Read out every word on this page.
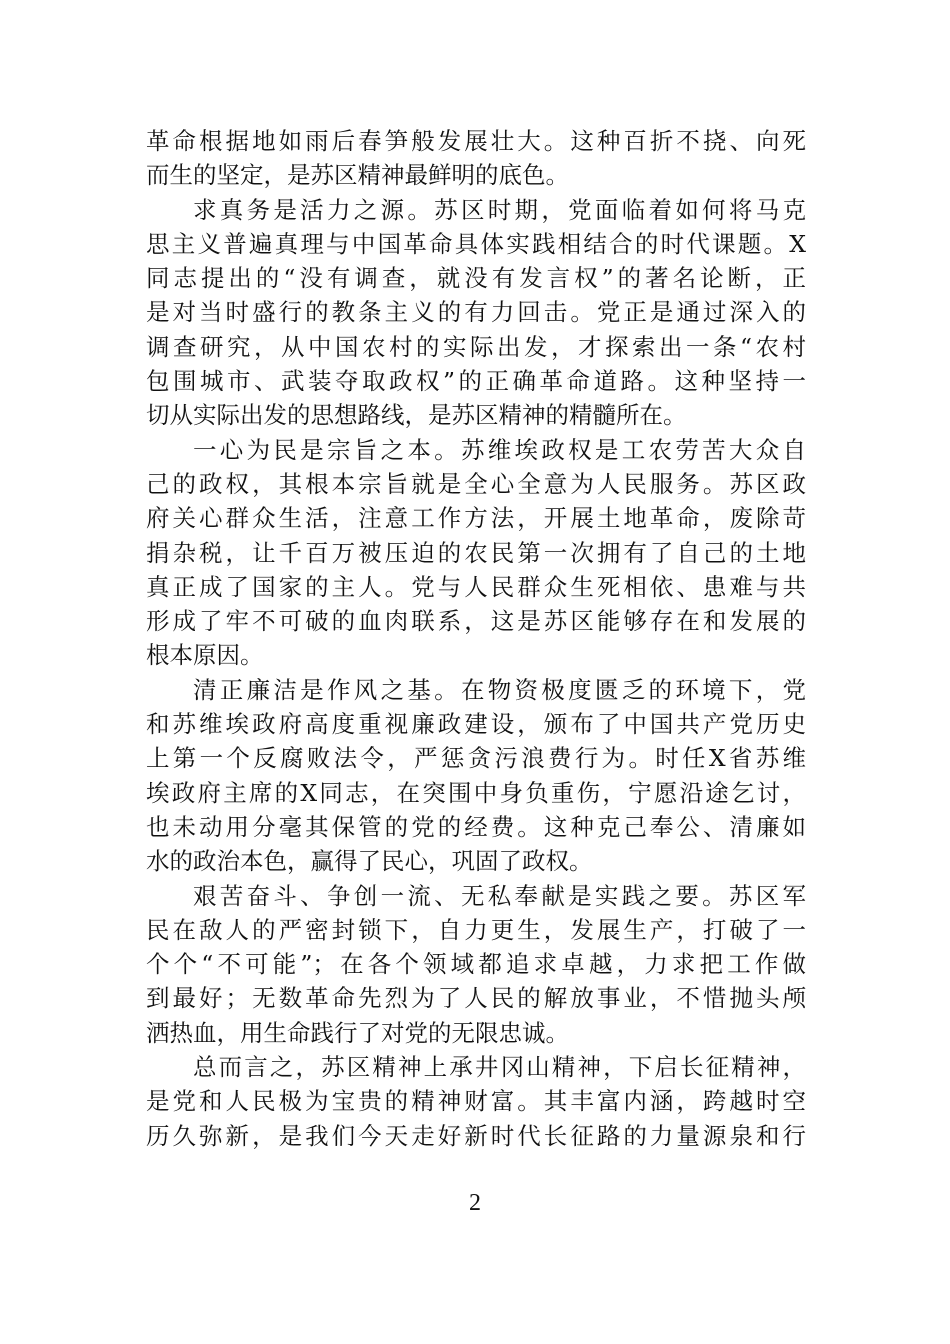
革命根据地如雨后春笋般发展壮大。这种百折不挠、向死
而生的坚定，是苏区精神最鲜明的底色。
求真务是活力之源。苏区时期，党面临着如何将马克
思主义普遍真理与中国革命具体实践相结合的时代课题。X
同志提出的“没有调查，就没有发言权”的著名论断，正
是对当时盛行的教条主义的有力回击。党正是通过深入的
调查研究，从中国农村的实际出发，才探索出一条“农村
包围城市、武装夺取政权”的正确革命道路。这种坚持一
切从实际出发的思想路线，是苏区精神的精髓所在。
一心为民是宗旨之本。苏维埃政权是工农劳苦大众自
己的政权，其根本宗旨就是全心全意为人民服务。苏区政
府关心群众生活，注意工作方法，开展土地革命，废除苛
捐杂税，让千百万被压迫的农民第一次拥有了自己的土地
真正成了国家的主人。党与人民群众生死相依、患难与共
形成了牢不可破的血肉联系，这是苏区能够存在和发展的
根本原因。
清正廉洁是作风之基。在物资极度匮乏的环境下，党
和苏维埃政府高度重视廉政建设，颁布了中国共产党历史
上第一个反腐败法令，严惩贪污浪费行为。时任X省苏维
埃政府主席的X同志，在突围中身负重伤，宁愿沿途乞讨，
也未动用分毫其保管的党的经费。这种克己奉公、清廉如
水的政治本色，赢得了民心，巩固了政权。
艰苦奋斗、争创一流、无私奉献是实践之要。苏区军
民在敌人的严密封锁下，自力更生，发展生产，打破了一
个个“不可能”；在各个领域都追求卓越，力求把工作做
到最好；无数革命先烈为了人民的解放事业，不惜抛头颅
洒热血，用生命践行了对党的无限忠诚。
总而言之，苏区精神上承井冈山精神，下启长征精神，
是党和人民极为宝贵的精神财富。其丰富内涵，跨越时空
历久弥新，是我们今天走好新时代长征路的力量源泉和行
2
